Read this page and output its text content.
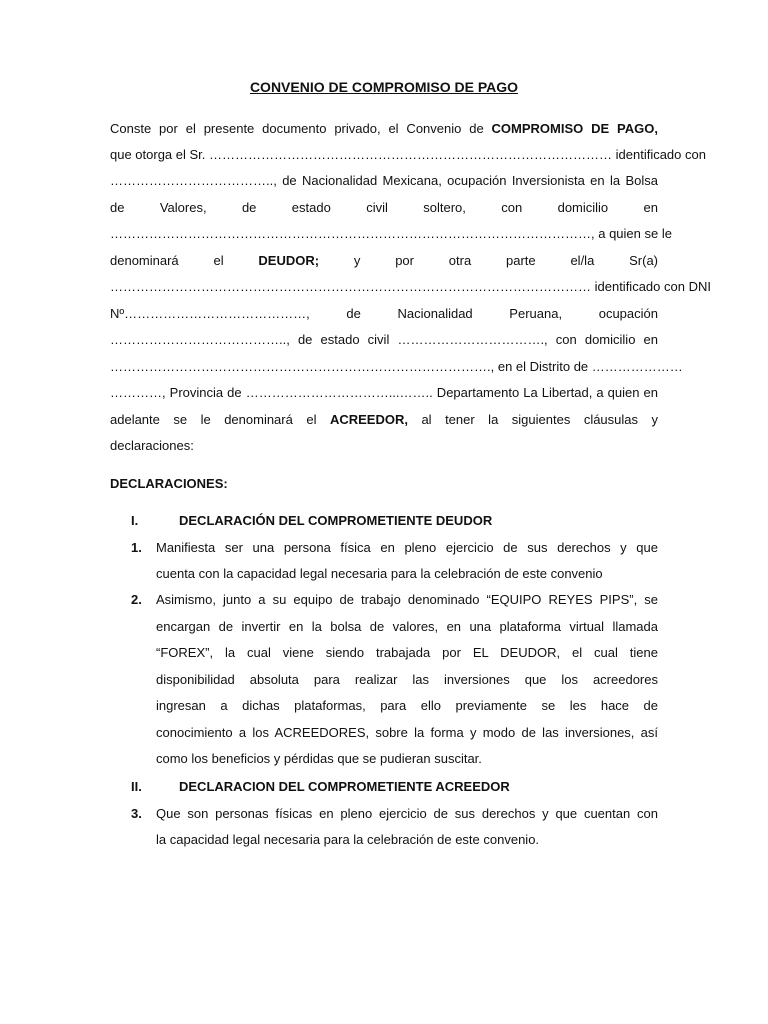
CONVENIO DE COMPROMISO DE PAGO
Conste por el presente documento privado, el Convenio de COMPROMISO DE PAGO,
que otorga el Sr. ………………………………………………………………………………… identificado con
……………………………….., de Nacionalidad Mexicana, ocupación Inversionista en la Bolsa
de Valores, de estado civil soltero, con domicilio en
…………………………………………………………………………………………………, a quien se le
denominará el DEUDOR; y por otra parte el/la Sr(a)
………………………………………………………………………………………………… identificado con DNI
Nº……………………………………, de Nacionalidad Peruana, ocupación
………………………………….., de estado civil ……………………………., con domicilio en
……………………………………………………………………………., en el Distrito de …………………
…………, Provincia de ……………………………...…….. Departamento La Libertad, a quien en
adelante se le denominará el ACREEDOR, al tener la siguientes cláusulas y
declaraciones:
DECLARACIONES:
I.	DECLARACIÓN DEL COMPROMETIENTE DEUDOR
1. Manifiesta ser una persona física en pleno ejercicio de sus derechos y que
cuenta con la capacidad legal necesaria para la celebración de este convenio
2. Asimismo, junto a su equipo de trabajo denominado “EQUIPO REYES PIPS”, se
encargan de invertir en la bolsa de valores, en una plataforma virtual llamada
“FOREX”, la cual viene siendo trabajada por EL DEUDOR, el cual tiene
disponibilidad absoluta para realizar las inversiones que los acreedores
ingresan a dichas plataformas, para ello previamente se les hace de
conocimiento a los ACREEDORES, sobre la forma y modo de las inversiones, así
como los beneficios y pérdidas que se pudieran suscitar.
II.	DECLARACION DEL COMPROMETIENTE ACREEDOR
3. Que son personas físicas en pleno ejercicio de sus derechos y que cuentan con
la capacidad legal necesaria para la celebración de este convenio.
